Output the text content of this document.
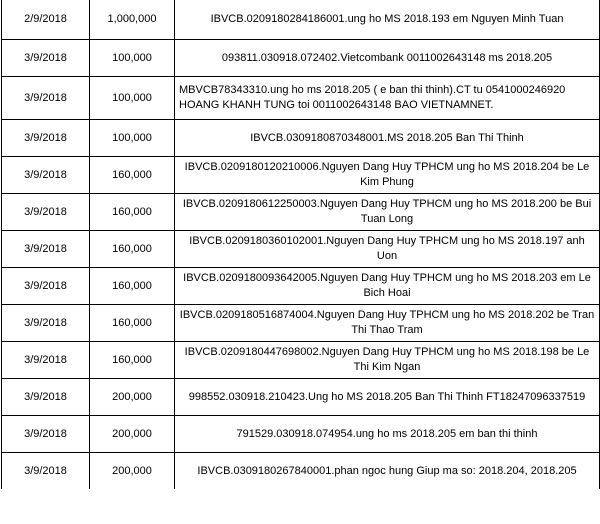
2/9/2018	1,000,000	IBVCB.0209180284186001.ung ho MS 2018.193 em Nguyen Minh Tuan
3/9/2018	100,000	093811.030918.072402.Vietcombank 0011002643148 ms 2018.205
3/9/2018	100,000	MBVCB78343310.ung ho ms 2018.205 ( e ban thi thinh).CT tu 0541000246920 HOANG KHANH TUNG toi 0011002643148 BAO VIETNAMNET.
3/9/2018	100,000	IBVCB.0309180870348001.MS 2018.205 Ban Thi Thinh
3/9/2018	160,000	IBVCB.0209180120210006.Nguyen Dang Huy TPHCM ung ho MS 2018.204 be Le Kim Phung
3/9/2018	160,000	IBVCB.0209180612250003.Nguyen Dang Huy TPHCM ung ho MS 2018.200 be Bui Tuan Long
3/9/2018	160,000	IBVCB.0209180360102001.Nguyen Dang Huy TPHCM ung ho MS 2018.197 anh Uon
3/9/2018	160,000	IBVCB.0209180093642005.Nguyen Dang Huy TPHCM ung ho MS 2018.203 em Le Bich Hoai
3/9/2018	160,000	IBVCB.0209180516874004.Nguyen Dang Huy TPHCM ung ho MS 2018.202 be Tran Thi Thao Tram
3/9/2018	160,000	IBVCB.0209180447698002.Nguyen Dang Huy TPHCM ung ho MS 2018.198 be Le Thi Kim Ngan
3/9/2018	200,000	998552.030918.210423.Ung ho MS 2018.205 Ban Thi Thinh FT18247096337519
3/9/2018	200,000	791529.030918.074954.ung ho ms 2018.205 em ban thi thinh
3/9/2018	200,000	IBVCB.0309180267840001.phan ngoc hung Giup ma so: 2018.204, 2018.205
